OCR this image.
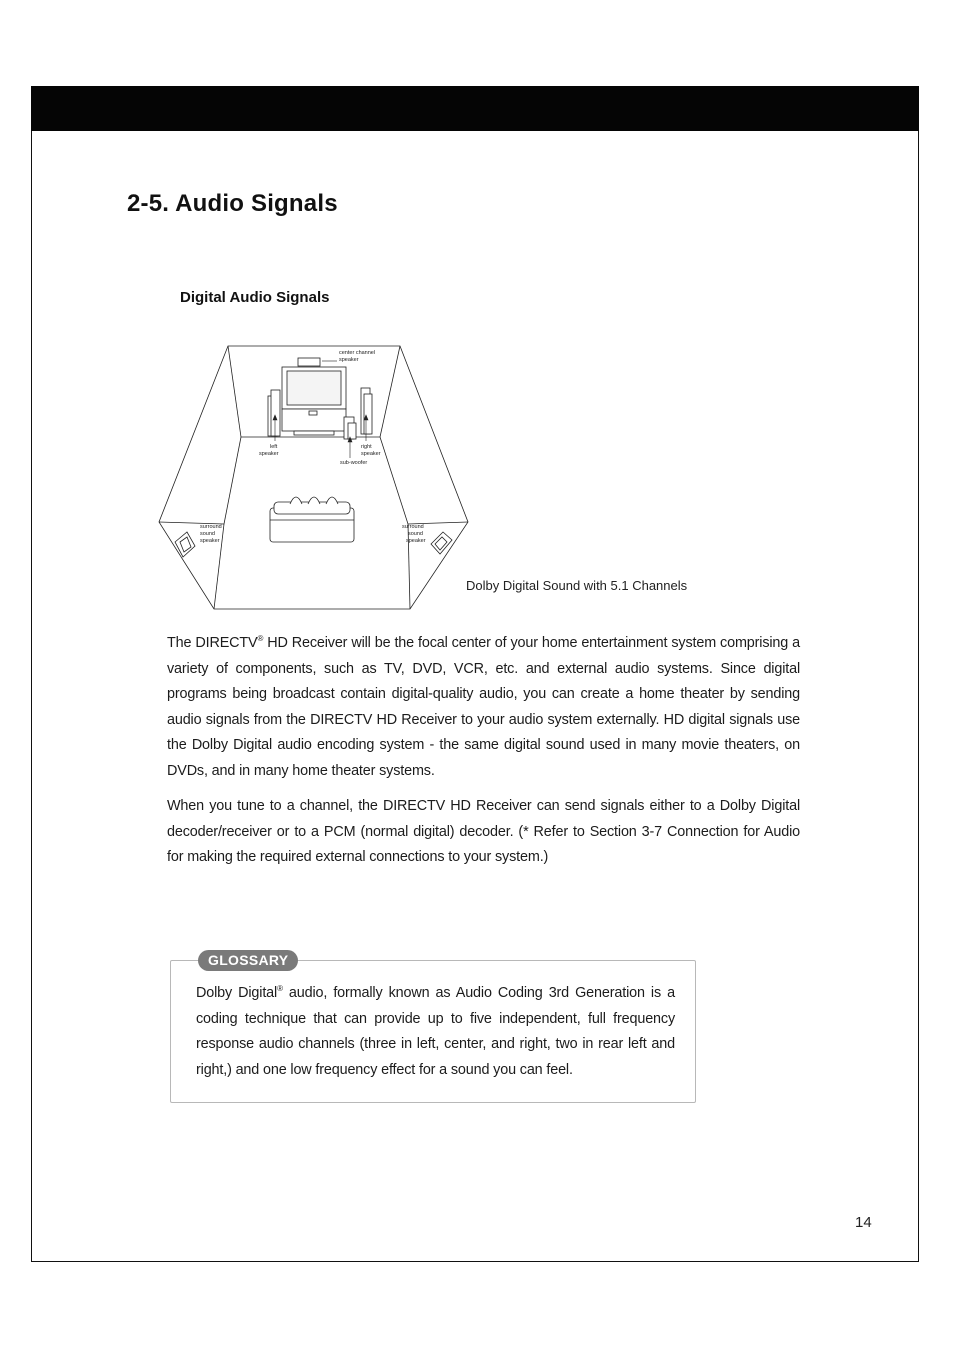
2-5. Audio Signals
Digital Audio Signals
center channel
speaker
left
speaker
right
speaker
sub-woofer
surround
sound
speaker
surround
sound
speaker
Dolby Digital Sound with 5.1 Channels

The DIRECTV® HD Receiver will be the focal center of your home entertainment system comprising a variety of components, such as TV, DVD, VCR, etc. and external audio systems. Since digital programs being broadcast contain digital-quality audio, you can create a home theater by sending audio signals from the DIRECTV HD Receiver to your audio system externally. HD digital signals use the Dolby Digital audio encoding system - the same digital sound used in many movie theaters, on DVDs, and in many home theater systems.

When you tune to a channel, the DIRECTV HD Receiver can send signals either to a Dolby Digital decoder/receiver or to a PCM (normal digital) decoder. (* Refer to Section 3-7 Connection for Audio for making the required external connections to your system.)

GLOSSARY

Dolby Digital® audio, formally known as Audio Coding 3rd Generation is a coding technique that can provide up to five independent, full frequency response audio channels (three in left, center, and right, two in rear left and right,) and one low frequency effect for a sound you can feel.

14
